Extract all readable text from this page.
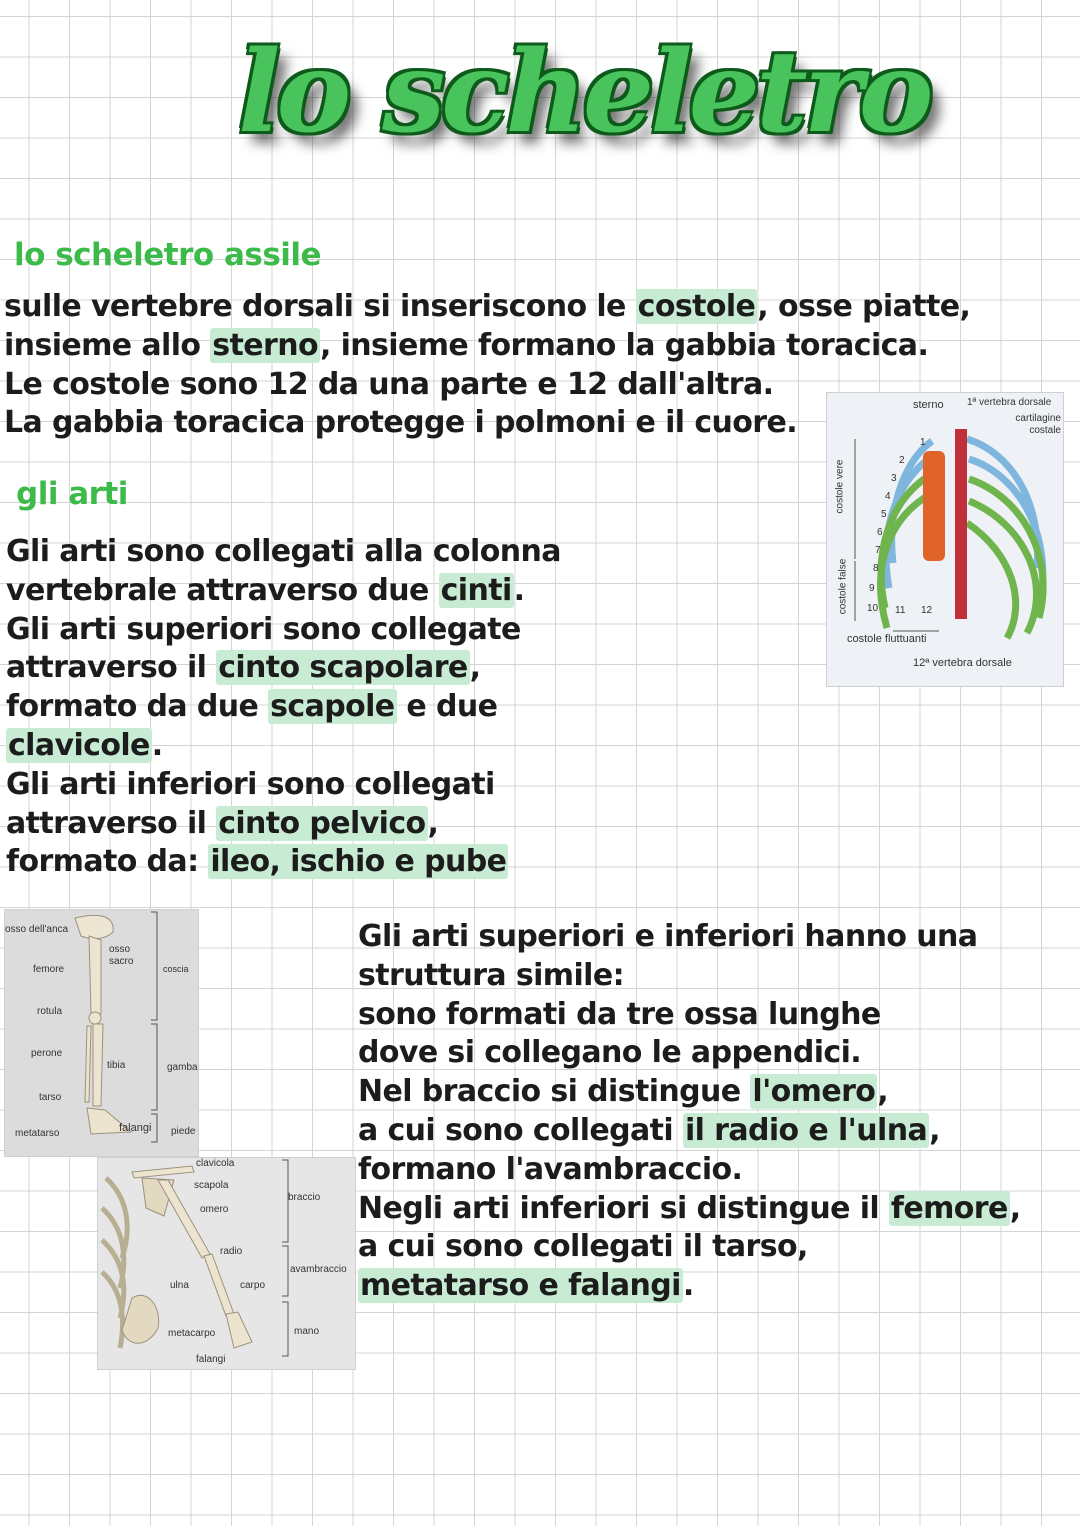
lo scheletro
lo scheletro assile
sulle vertebre dorsali si inseriscono le costole, osse piatte,
insieme allo sterno, insieme formano la gabbia toracica.
Le costole sono 12 da una parte e 12 dall'altra.
La gabbia toracica protegge i polmoni e il cuore.
gli arti
Gli arti sono collegati alla colonna
vertebrale attraverso due cinti.
Gli arti superiori sono collegate
attraverso il cinto scapolare,
formato da due scapole e due
clavicole.
Gli arti inferiori sono collegati
attraverso il cinto pelvico,
formato da: ileo, ischio e pube
Gli arti superiori e inferiori hanno una
struttura simile:
sono formati da tre ossa lunghe
dove si collegano le appendici.
Nel braccio si distingue l'omero,
a cui sono collegati il radio e l'ulna,
formano l'avambraccio.
Negli arti inferiori si distingue il femore,
a cui sono collegati il tarso,
metatarso e falangi.
sterno 1ª vertebra dorsale
cartilagine costale
costole vere
costole false
costole fluttuanti
12ª vertebra dorsale
1
2
3
4
5
6
7
8
9
10 11 12
osso dell'anca
osso sacro
femore	coscia
rotula
perone
tibia	gamba
tarso
metatarso	falangi piede
clavicola
scapola
omero
braccio
radio
ulna	carpo
avambraccio
metacarpo
falangi
mano
